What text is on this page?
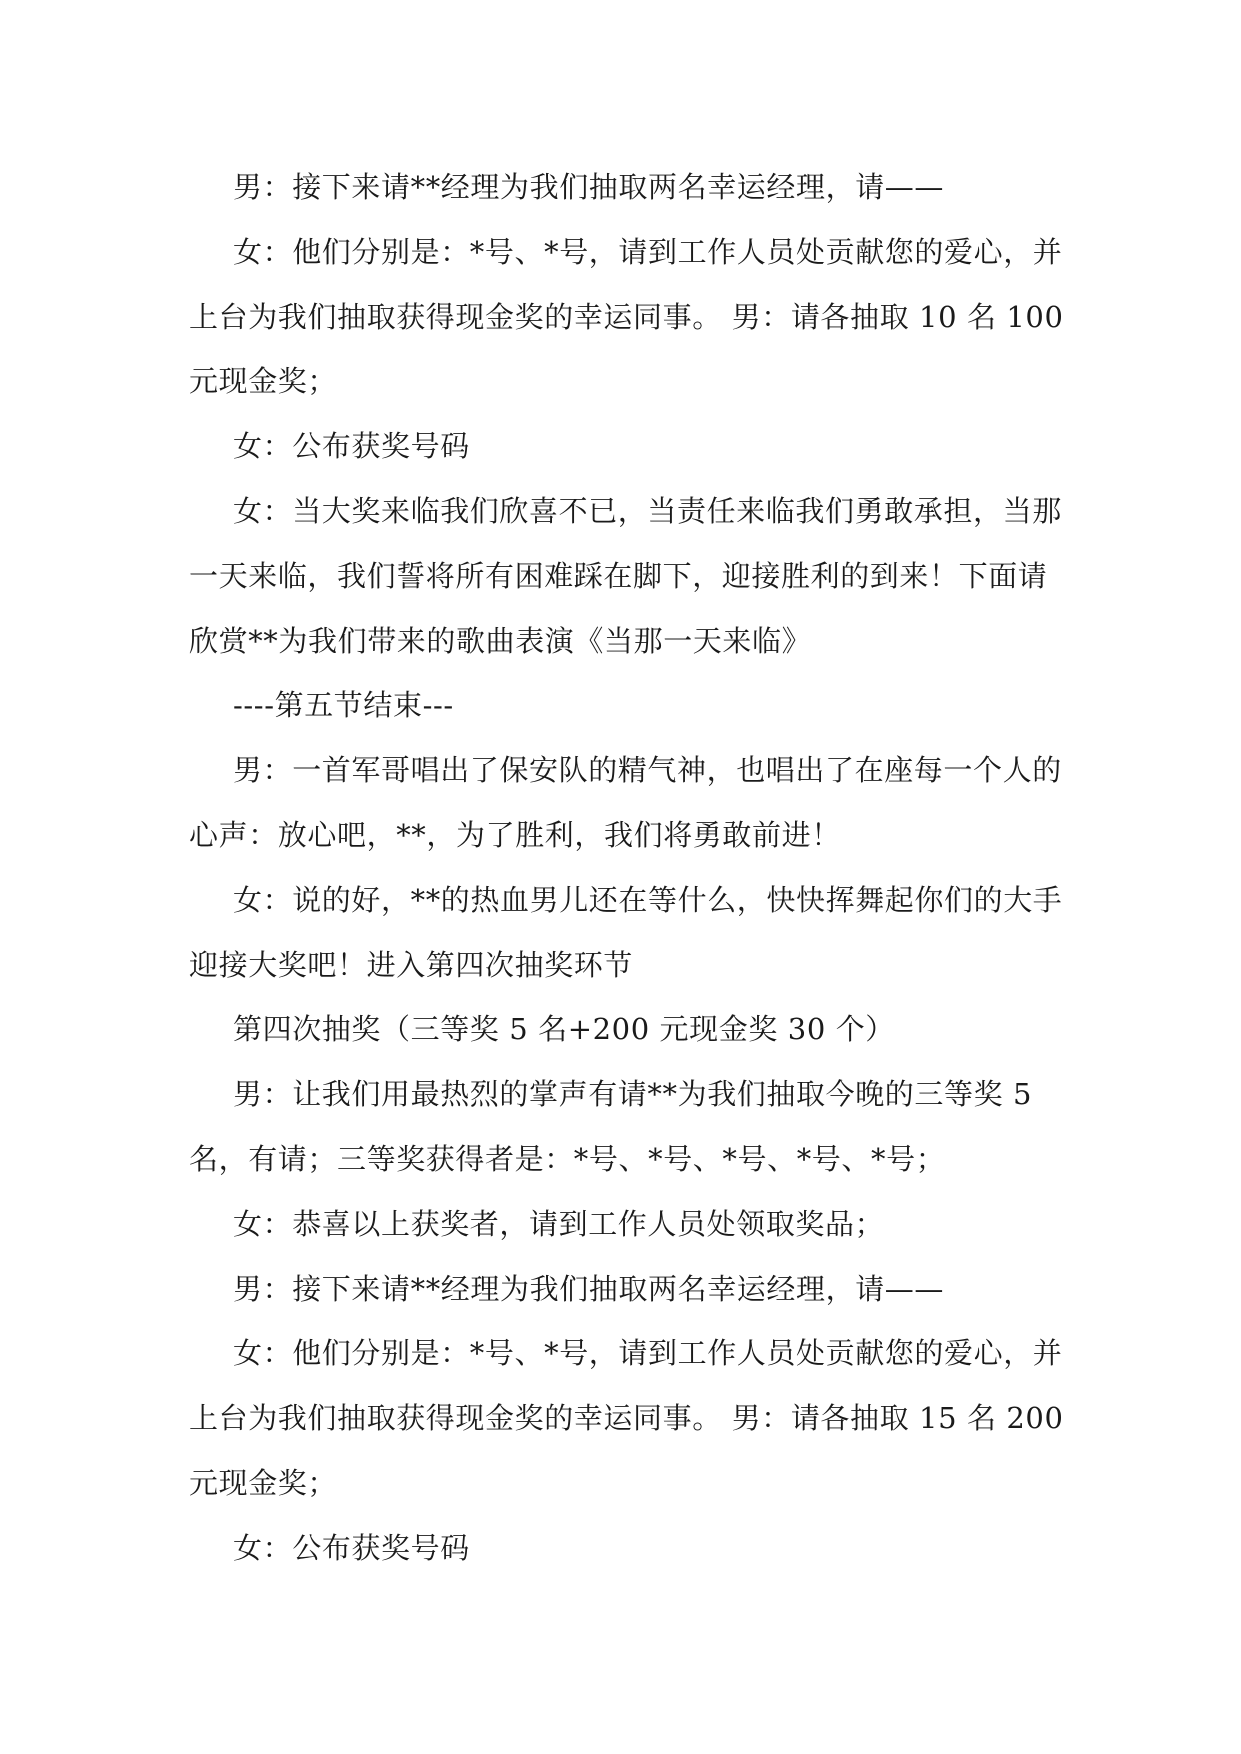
男：接下来请**经理为我们抽取两名幸运经理，请——

女：他们分别是：*号、*号，请到工作人员处贡献您的爱心，并上台为我们抽取获得现金奖的幸运同事。 男：请各抽取 10 名 100 元现金奖；

女：公布获奖号码

女：当大奖来临我们欣喜不已，当责任来临我们勇敢承担，当那一天来临，我们誓将所有困难踩在脚下，迎接胜利的到来！下面请欣赏**为我们带来的歌曲表演《当那一天来临》

----第五节结束---

男：一首军哥唱出了保安队的精气神，也唱出了在座每一个人的心声：放心吧，**，为了胜利，我们将勇敢前进！

女：说的好，**的热血男儿还在等什么，快快挥舞起你们的大手迎接大奖吧！进入第四次抽奖环节

第四次抽奖（三等奖 5 名+200 元现金奖 30 个）

男：让我们用最热烈的掌声有请**为我们抽取今晚的三等奖 5 名，有请；三等奖获得者是：*号、*号、*号、*号、*号；

女：恭喜以上获奖者，请到工作人员处领取奖品；

男：接下来请**经理为我们抽取两名幸运经理，请——

女：他们分别是：*号、*号，请到工作人员处贡献您的爱心，并上台为我们抽取获得现金奖的幸运同事。 男：请各抽取 15 名 200 元现金奖；

女：公布获奖号码
